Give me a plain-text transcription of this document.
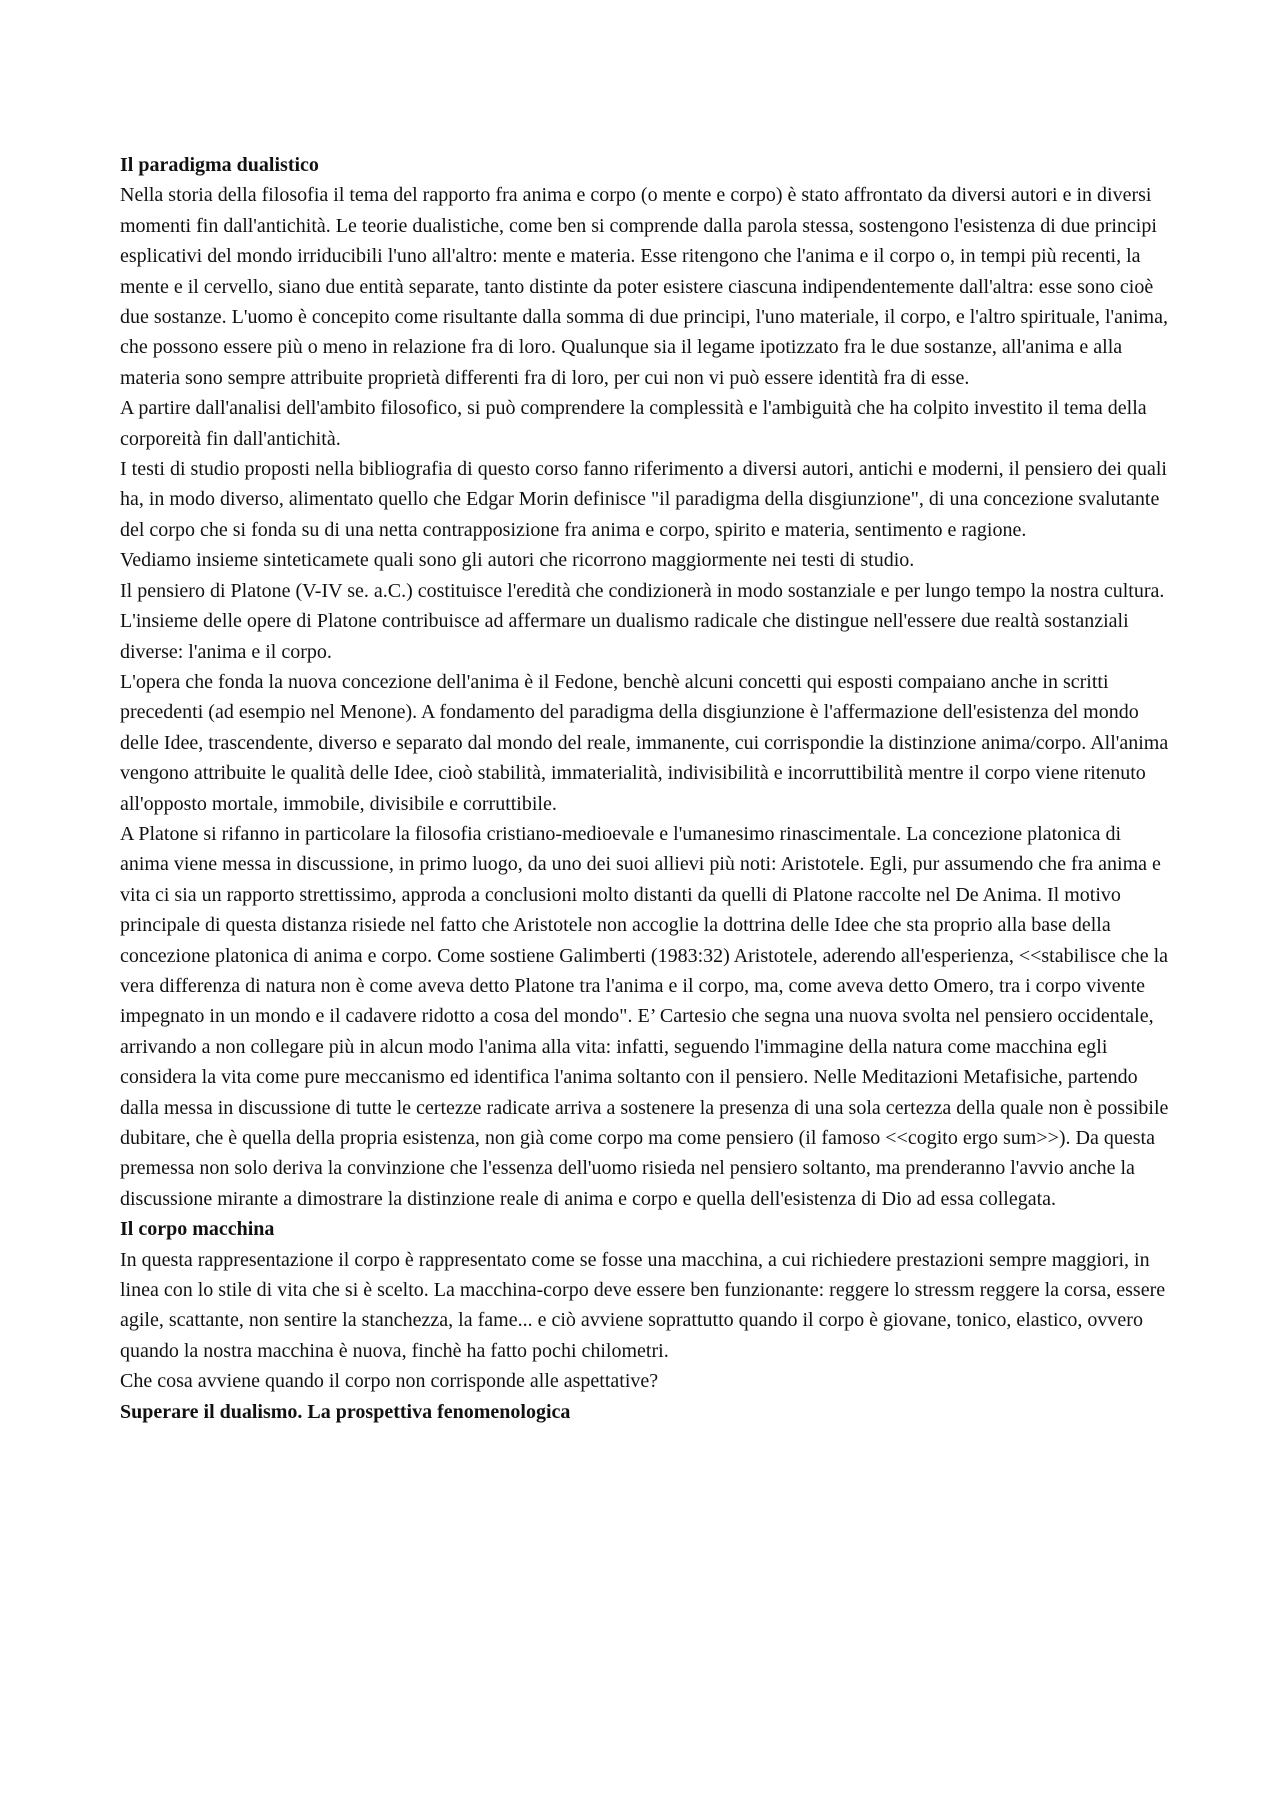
Il paradigma dualistico

Nella storia della filosofia il tema del rapporto fra anima e corpo (o mente e corpo) è stato affrontato da diversi autori e in diversi momenti fin dall'antichità. Le teorie dualistiche, come ben si comprende dalla parola stessa, sostengono l'esistenza di due principi esplicativi del mondo irriducibili l'uno all'altro: mente e materia. Esse ritengono che l'anima e il corpo o, in tempi più recenti, la mente e il cervello, siano due entità separate, tanto distinte da poter esistere ciascuna indipendentemente dall'altra: esse sono cioè due sostanze. L'uomo è concepito come risultante dalla somma di due principi, l'uno materiale, il corpo, e l'altro spirituale, l'anima, che possono essere più o meno in relazione fra di loro. Qualunque sia il legame ipotizzato fra le due sostanze, all'anima e alla materia sono sempre attribuite proprietà differenti fra di loro, per cui non vi può essere identità fra di esse.

A partire dall'analisi dell'ambito filosofico, si può comprendere la complessità e l'ambiguità che ha colpito investito il tema della corporeità fin dall'antichità.

I testi di studio proposti nella bibliografia di questo corso fanno riferimento a diversi autori, antichi e moderni, il pensiero dei quali ha, in modo diverso, alimentato quello che Edgar Morin definisce "il paradigma della disgiunzione", di una concezione svalutante del corpo che si fonda su di una netta contrapposizione fra anima e corpo, spirito e materia, sentimento e ragione.

Vediamo insieme sinteticamete quali sono gli autori che ricorrono maggiormente nei testi di studio.

Il pensiero di Platone (V-IV se. a.C.) costituisce l'eredità che condizionerà in modo sostanziale e per lungo tempo la nostra cultura. L'insieme delle opere di Platone contribuisce ad affermare un dualismo radicale che distingue nell'essere due realtà sostanziali diverse: l'anima e il corpo.

L'opera che fonda la nuova concezione dell'anima è il Fedone, benchè alcuni concetti qui esposti compaiano anche in scritti precedenti (ad esempio nel Menone). A fondamento del paradigma della disgiunzione è l'affermazione dell'esistenza del mondo delle Idee, trascendente, diverso e separato dal mondo del reale, immanente, cui corrispondie la distinzione anima/corpo. All'anima vengono attribuite le qualità delle Idee, cioò stabilità, immaterialità, indivisibilità e incorruttibilità mentre il corpo viene ritenuto all'opposto mortale, immobile, divisibile e corruttibile.

A Platone si rifanno in particolare la filosofia cristiano-medioevale e l'umanesimo rinascimentale. La concezione platonica di anima viene messa in discussione, in primo luogo, da uno dei suoi allievi più noti: Aristotele. Egli, pur assumendo che fra anima e vita ci sia un rapporto strettissimo, approda a conclusioni molto distanti da quelli di Platone raccolte nel De Anima. Il motivo principale di questa distanza risiede nel fatto che Aristotele non accoglie la dottrina delle Idee che sta proprio alla base della concezione platonica di anima e corpo. Come sostiene Galimberti (1983:32) Aristotele, aderendo all'esperienza, <<stabilisce che la vera differenza di natura non è come aveva detto Platone tra l'anima e il corpo, ma, come aveva detto Omero, tra i corpo vivente impegnato in un mondo e il cadavere ridotto a cosa del mondo". E’ Cartesio che segna una nuova svolta nel pensiero occidentale, arrivando a non collegare più in alcun modo l'anima alla vita: infatti, seguendo l'immagine della natura come macchina egli considera la vita come pure meccanismo ed identifica l'anima soltanto con il pensiero. Nelle Meditazioni Metafisiche, partendo dalla messa in discussione di tutte le certezze radicate arriva a sostenere la presenza di una sola certezza della quale non è possibile dubitare, che è quella della propria esistenza, non già come corpo ma come pensiero (il famoso <<cogito ergo sum>>). Da questa premessa non solo deriva la convinzione che l'essenza dell'uomo risieda nel pensiero soltanto, ma prenderanno l'avvio anche la discussione mirante a dimostrare la distinzione reale di anima e corpo e quella dell'esistenza di Dio ad essa collegata.

Il corpo macchina

In questa rappresentazione il corpo è rappresentato come se fosse una macchina, a cui richiedere prestazioni sempre maggiori, in linea con lo stile di vita che si è scelto. La macchina-corpo deve essere ben funzionante: reggere lo stressm reggere la corsa, essere agile, scattante, non sentire la stanchezza, la fame... e ciò avviene soprattutto quando il corpo è giovane, tonico, elastico, ovvero quando la nostra macchina è nuova, finchè ha fatto pochi chilometri.

Che cosa avviene quando il corpo non corrisponde alle aspettative?

Superare il dualismo. La prospettiva fenomenologica
